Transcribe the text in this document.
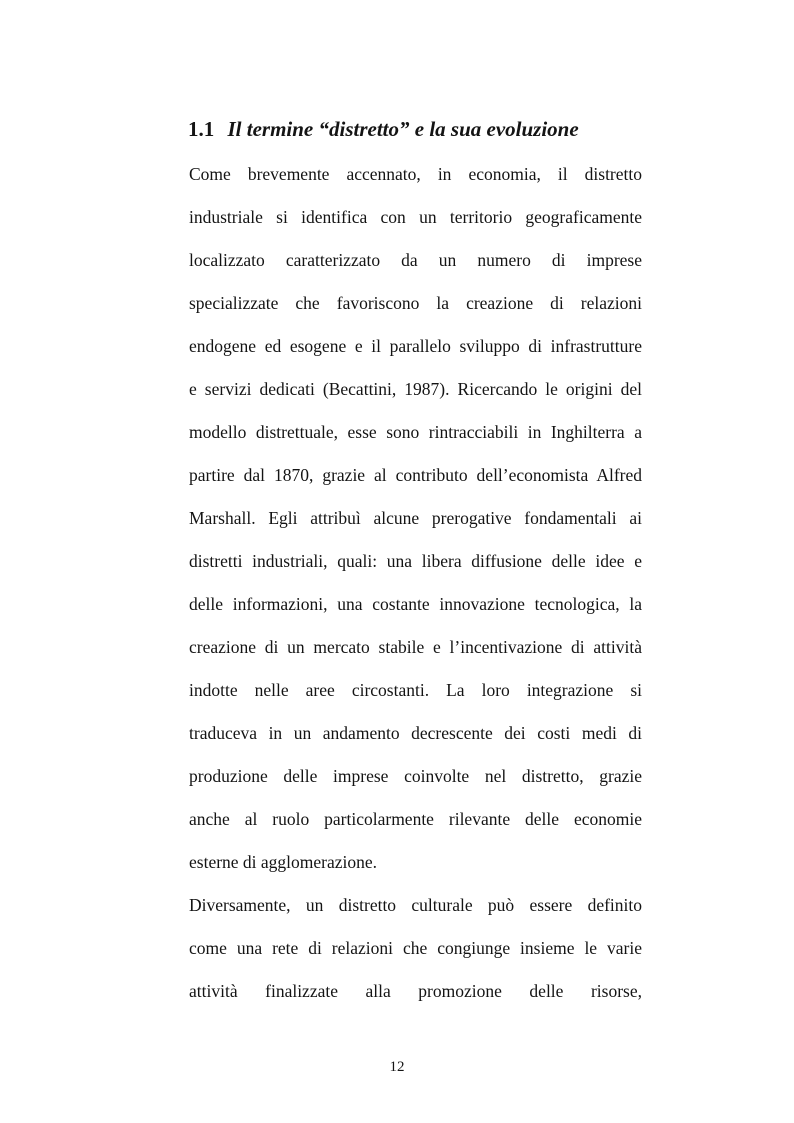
1.1 Il termine “distretto” e la sua evoluzione
Come brevemente accennato, in economia, il distretto
industriale si identifica con un territorio geograficamente
localizzato caratterizzato da un numero di imprese
specializzate che favoriscono la creazione di relazioni
endogene ed esogene e il parallelo sviluppo di infrastrutture
e servizi dedicati (Becattini, 1987). Ricercando le origini del
modello distrettuale, esse sono rintracciabili in Inghilterra a
partire dal 1870, grazie al contributo dell’economista Alfred
Marshall. Egli attribuì alcune prerogative fondamentali ai
distretti industriali, quali: una libera diffusione delle idee e
delle informazioni, una costante innovazione tecnologica, la
creazione di un mercato stabile e l’incentivazione di attività
indotte nelle aree circostanti. La loro integrazione si
traduceva in un andamento decrescente dei costi medi di
produzione delle imprese coinvolte nel distretto, grazie
anche al ruolo particolarmente rilevante delle economie
esterne di agglomerazione.
Diversamente, un distretto culturale può essere definito
come una rete di relazioni che congiunge insieme le varie
attività finalizzate alla promozione delle risorse,
12
